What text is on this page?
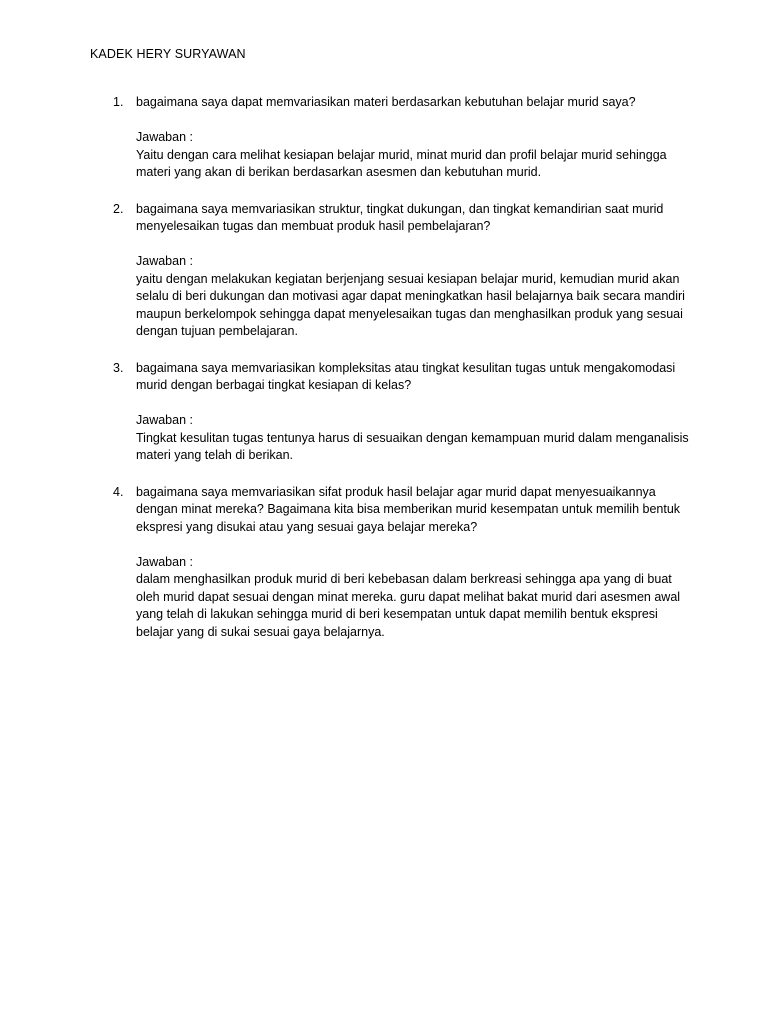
KADEK HERY SURYAWAN
1. bagaimana saya dapat memvariasikan materi berdasarkan kebutuhan belajar murid saya?

Jawaban :

Yaitu dengan cara melihat kesiapan belajar murid, minat murid dan profil belajar murid sehingga materi yang akan di berikan berdasarkan asesmen dan kebutuhan murid.

2. bagaimana saya memvariasikan struktur, tingkat dukungan, dan tingkat kemandirian saat murid menyelesaikan tugas dan membuat produk hasil pembelajaran?

Jawaban :

yaitu dengan melakukan kegiatan berjenjang sesuai kesiapan belajar murid, kemudian murid akan selalu di beri dukungan dan motivasi agar dapat meningkatkan hasil belajarnya baik secara mandiri maupun berkelompok sehingga dapat menyelesaikan tugas dan menghasilkan produk yang sesuai dengan tujuan pembelajaran.

3. bagaimana saya memvariasikan kompleksitas atau tingkat kesulitan tugas untuk mengakomodasi murid dengan berbagai tingkat kesiapan di kelas?

Jawaban :

Tingkat kesulitan tugas tentunya harus di sesuaikan dengan kemampuan murid dalam menganalisis materi yang telah di berikan.

4. bagaimana saya memvariasikan sifat produk hasil belajar agar murid dapat menyesuaikannya dengan minat mereka? Bagaimana kita bisa memberikan murid kesempatan untuk memilih bentuk ekspresi yang disukai atau yang sesuai gaya belajar mereka?

Jawaban :

dalam menghasilkan produk murid di beri kebebasan dalam berkreasi sehingga apa yang di buat oleh murid dapat sesuai dengan minat mereka. guru dapat melihat bakat murid dari asesmen awal yang telah di lakukan sehingga murid di beri kesempatan untuk dapat memilih bentuk ekspresi belajar yang di sukai sesuai gaya belajarnya.
